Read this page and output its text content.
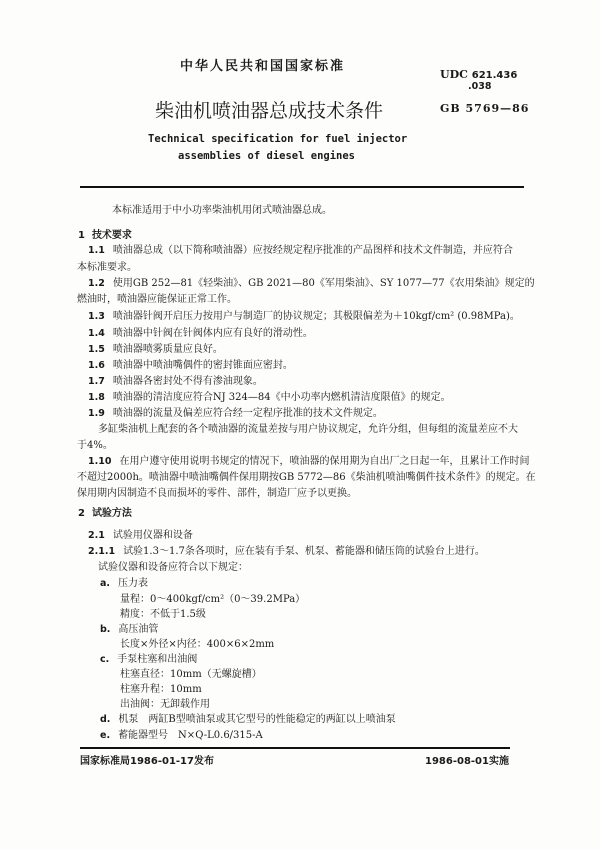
中华人民共和国国家标准
UDC 621.436
.038
柴油机喷油器总成技术条件	GB 5769—86
Technical specification for fuel injector
assemblies of diesel engines
本标准适用于中小功率柴油机用闭式喷油器总成。
1 技术要求
1.1 喷油器总成（以下简称喷油器）应按经规定程序批准的产品图样和技术文件制造，并应符合
本标准要求。
1.2 使用GB 252—81《轻柴油》、GB 2021—80《军用柴油》、SY 1077—77《农用柴油》规定的
燃油时，喷油器应能保证正常工作。
1.3 喷油器针阀开启压力按用户与制造厂的协议规定；其极限偏差为＋10kgf/cm² (0.98MPa)。
1.4 喷油器中针阀在针阀体内应有良好的滑动性。
1.5 喷油器喷雾质量应良好。
1.6 喷油器中喷油嘴偶件的密封锥面应密封。
1.7 喷油器各密封处不得有渗油现象。
1.8 喷油器的清洁度应符合NJ 324—84《中小功率内燃机清洁度限值》的规定。
1.9 喷油器的流量及偏差应符合经一定程序批准的技术文件规定。
多缸柴油机上配套的各个喷油器的流量差按与用户协议规定，允许分组，但每组的流量差应不大
于4%。
1.10 在用户遵守使用说明书规定的情况下，喷油器的保用期为自出厂之日起一年，且累计工作时间
不超过2000h。喷油器中喷油嘴偶件保用期按GB 5772—86《柴油机喷油嘴偶件技术条件》的规定。在
保用期内因制造不良而损坏的零件、部件，制造厂应予以更换。
2 试验方法
2.1 试验用仪器和设备
2.1.1 试验1.3～1.7条各项时，应在装有手泵、机泵、蓄能器和储压筒的试验台上进行。
试验仪器和设备应符合以下规定：
a. 压力表
量程：0～400kgf/cm²（0～39.2MPa）
精度：不低于1.5级
b. 高压油管
长度×外径×内径：400×6×2mm
c. 手泵柱塞和出油阀
柱塞直径：10mm（无螺旋槽）
柱塞升程：10mm
出油阀：无卸载作用
d. 机泵　两缸B型喷油泵或其它型号的性能稳定的两缸以上喷油泵
e. 蓄能器型号　N×Q-L0.6/315-A
国家标准局1986-01-17发布	1986-08-01实施
